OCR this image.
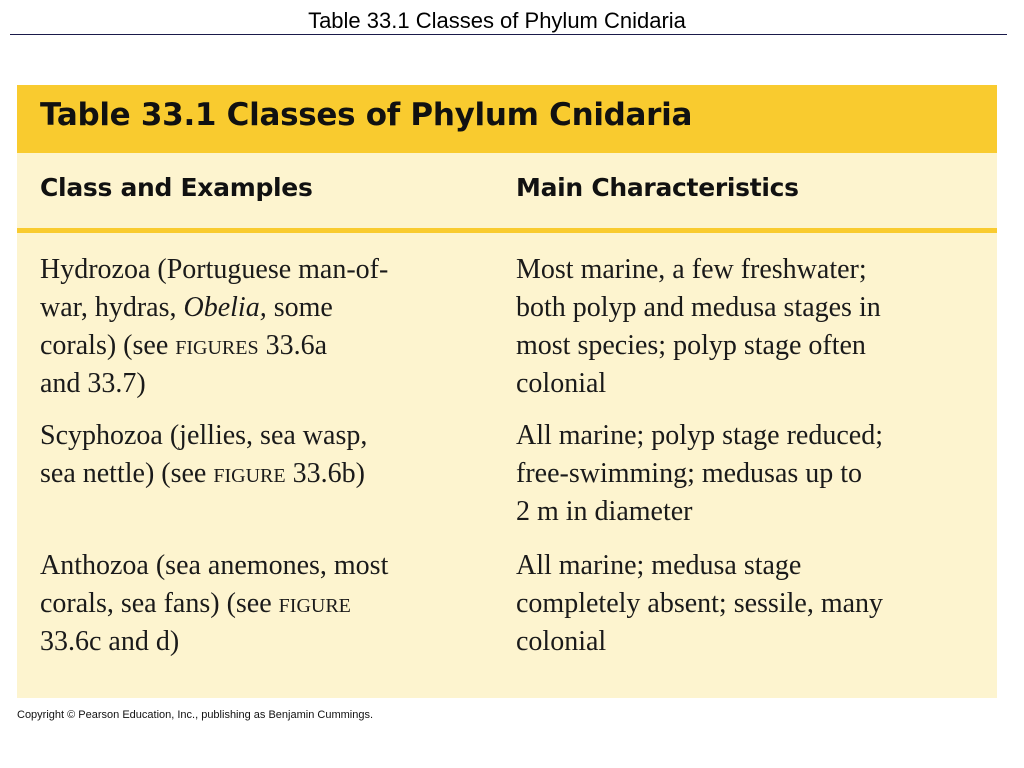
Table 33.1 Classes of Phylum Cnidaria
Table 33.1 Classes of Phylum Cnidaria
Class and Examples	Main Characteristics
Hydrozoa (Portuguese man-of-
war, hydras, Obelia, some
corals) (see figures 33.6a
and 33.7)
Most marine, a few freshwater;
both polyp and medusa stages in
most species; polyp stage often
colonial
Scyphozoa (jellies, sea wasp,
sea nettle) (see figure 33.6b)
All marine; polyp stage reduced;
free-swimming; medusas up to
2 m in diameter
Anthozoa (sea anemones, most
corals, sea fans) (see figure
33.6c and d)
All marine; medusa stage
completely absent; sessile, many
colonial
Copyright © Pearson Education, Inc., publishing as Benjamin Cummings.
